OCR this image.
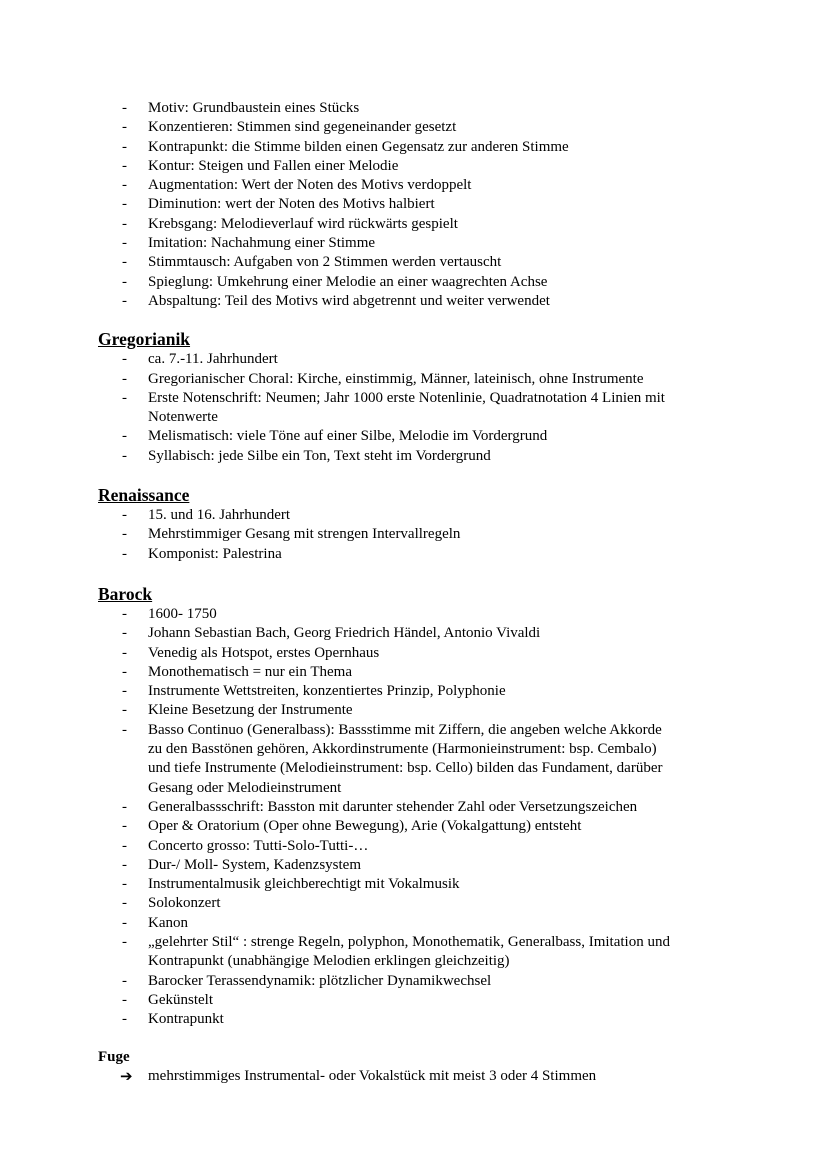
- Motiv: Grundbaustein eines Stücks
- Konzentieren: Stimmen sind gegeneinander gesetzt
- Kontrapunkt: die Stimme bilden einen Gegensatz zur anderen Stimme
- Kontur: Steigen und Fallen einer Melodie
- Augmentation: Wert der Noten des Motivs verdoppelt
- Diminution: wert der Noten des Motivs halbiert
- Krebsgang: Melodieverlauf wird rückwärts gespielt
- Imitation: Nachahmung einer Stimme
- Stimmtausch: Aufgaben von 2 Stimmen werden vertauscht
- Spieglung: Umkehrung einer Melodie an einer waagrechten Achse
- Abspaltung: Teil des Motivs wird abgetrennt und weiter verwendet
Gregorianik
- ca. 7.-11. Jahrhundert
- Gregorianischer Choral: Kirche, einstimmig, Männer, lateinisch, ohne Instrumente
- Erste Notenschrift: Neumen; Jahr 1000 erste Notenlinie, Quadratnotation 4 Linien mit
Notenwerte
- Melismatisch: viele Töne auf einer Silbe, Melodie im Vordergrund
- Syllabisch: jede Silbe ein Ton, Text steht im Vordergrund
Renaissance
- 15. und 16. Jahrhundert
- Mehrstimmiger Gesang mit strengen Intervallregeln
- Komponist: Palestrina
Barock
- 1600- 1750
- Johann Sebastian Bach, Georg Friedrich Händel, Antonio Vivaldi
- Venedig als Hotspot, erstes Opernhaus
- Monothematisch = nur ein Thema
- Instrumente Wettstreiten, konzentiertes Prinzip, Polyphonie
- Kleine Besetzung der Instrumente
- Basso Continuo (Generalbass): Bassstimme mit Ziffern, die angeben welche Akkorde
zu den Basstönen gehören, Akkordinstrumente (Harmonieinstrument: bsp. Cembalo)
und tiefe Instrumente (Melodieinstrument: bsp. Cello) bilden das Fundament, darüber
Gesang oder Melodieinstrument
- Generalbassschrift: Basston mit darunter stehender Zahl oder Versetzungszeichen
- Oper & Oratorium (Oper ohne Bewegung), Arie (Vokalgattung) entsteht
- Concerto grosso: Tutti-Solo-Tutti-…
- Dur-/ Moll- System, Kadenzsystem
- Instrumentalmusik gleichberechtigt mit Vokalmusik
- Solokonzert
- Kanon
- „gelehrter Stil“ : strenge Regeln, polyphon, Monothematik, Generalbass, Imitation und
Kontrapunkt (unabhängige Melodien erklingen gleichzeitig)
- Barocker Terassendynamik: plötzlicher Dynamikwechsel
- Gekünstelt
- Kontrapunkt
Fuge
➔ mehrstimmiges Instrumental- oder Vokalstück mit meist 3 oder 4 Stimmen
